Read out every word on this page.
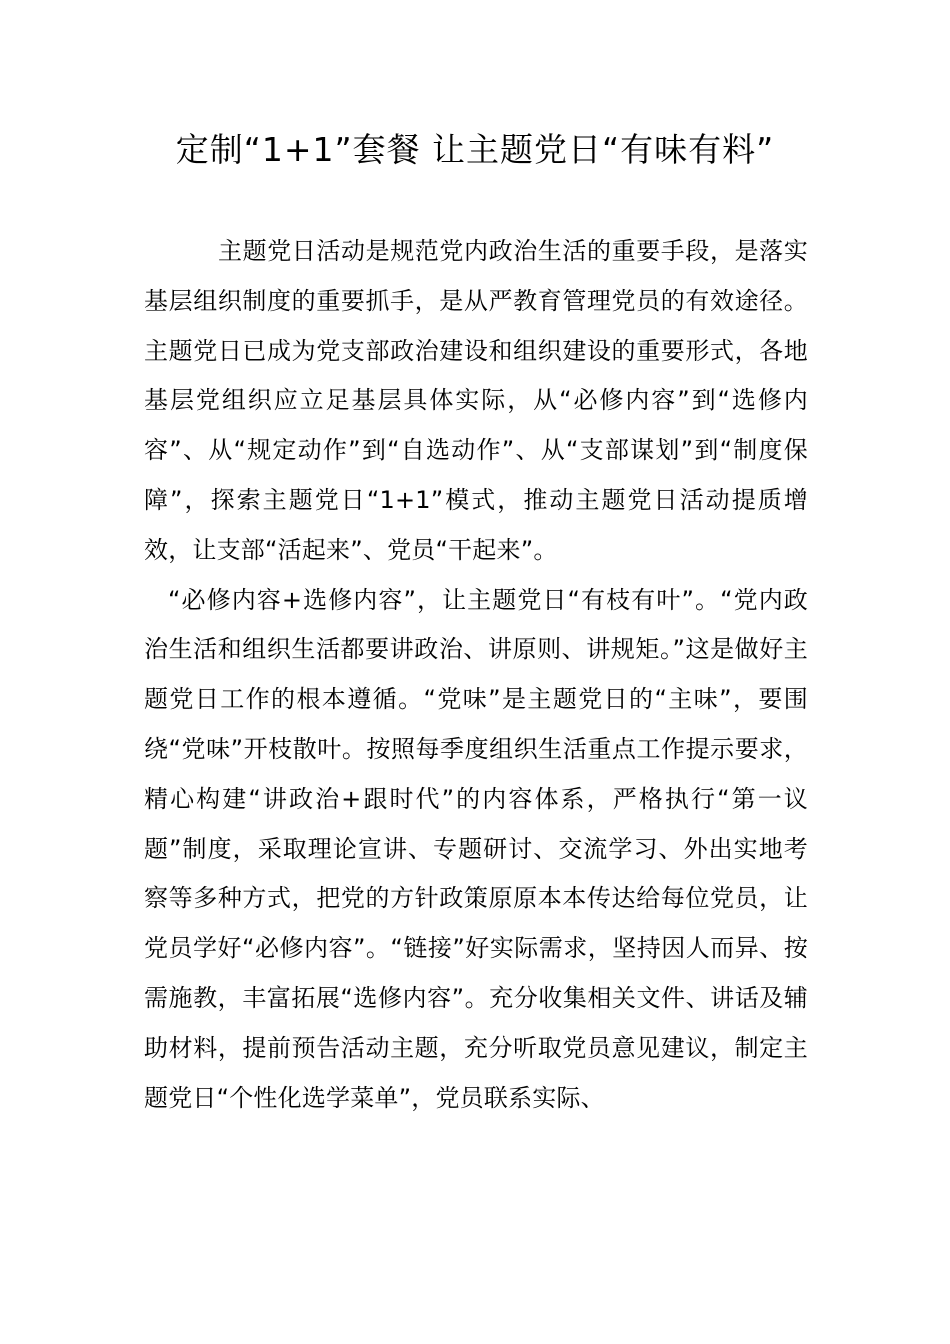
定制“1+1”套餐 让主题党日“有味有料”

主题党日活动是规范党内政治生活的重要手段，是落实基层组织制度的重要抓手，是从严教育管理党员的有效途径。主题党日已成为党支部政治建设和组织建设的重要形式，各地基层党组织应立足基层具体实际，从“必修内容”到“选修内容”、从“规定动作”到“自选动作”、从“支部谋划”到“制度保障”，探索主题党日“1+1”模式，推动主题党日活动提质增效，让支部“活起来”、党员“干起来”。

“必修内容+选修内容”，让主题党日“有枝有叶”。“党内政治生活和组织生活都要讲政治、讲原则、讲规矩。”这是做好主题党日工作的根本遵循。“党味”是主题党日的“主味”，要围绕“党味”开枝散叶。按照每季度组织生活重点工作提示要求，精心构建“讲政治+跟时代”的内容体系，严格执行“第一议题”制度，采取理论宣讲、专题研讨、交流学习、外出实地考察等多种方式，把党的方针政策原原本本传达给每位党员，让党员学好“必修内容”。“链接”好实际需求，坚持因人而异、按需施教，丰富拓展“选修内容”。充分收集相关文件、讲话及辅助材料，提前预告活动主题，充分听取党员意见建议，制定主题党日“个性化选学菜单”，党员联系实际、
